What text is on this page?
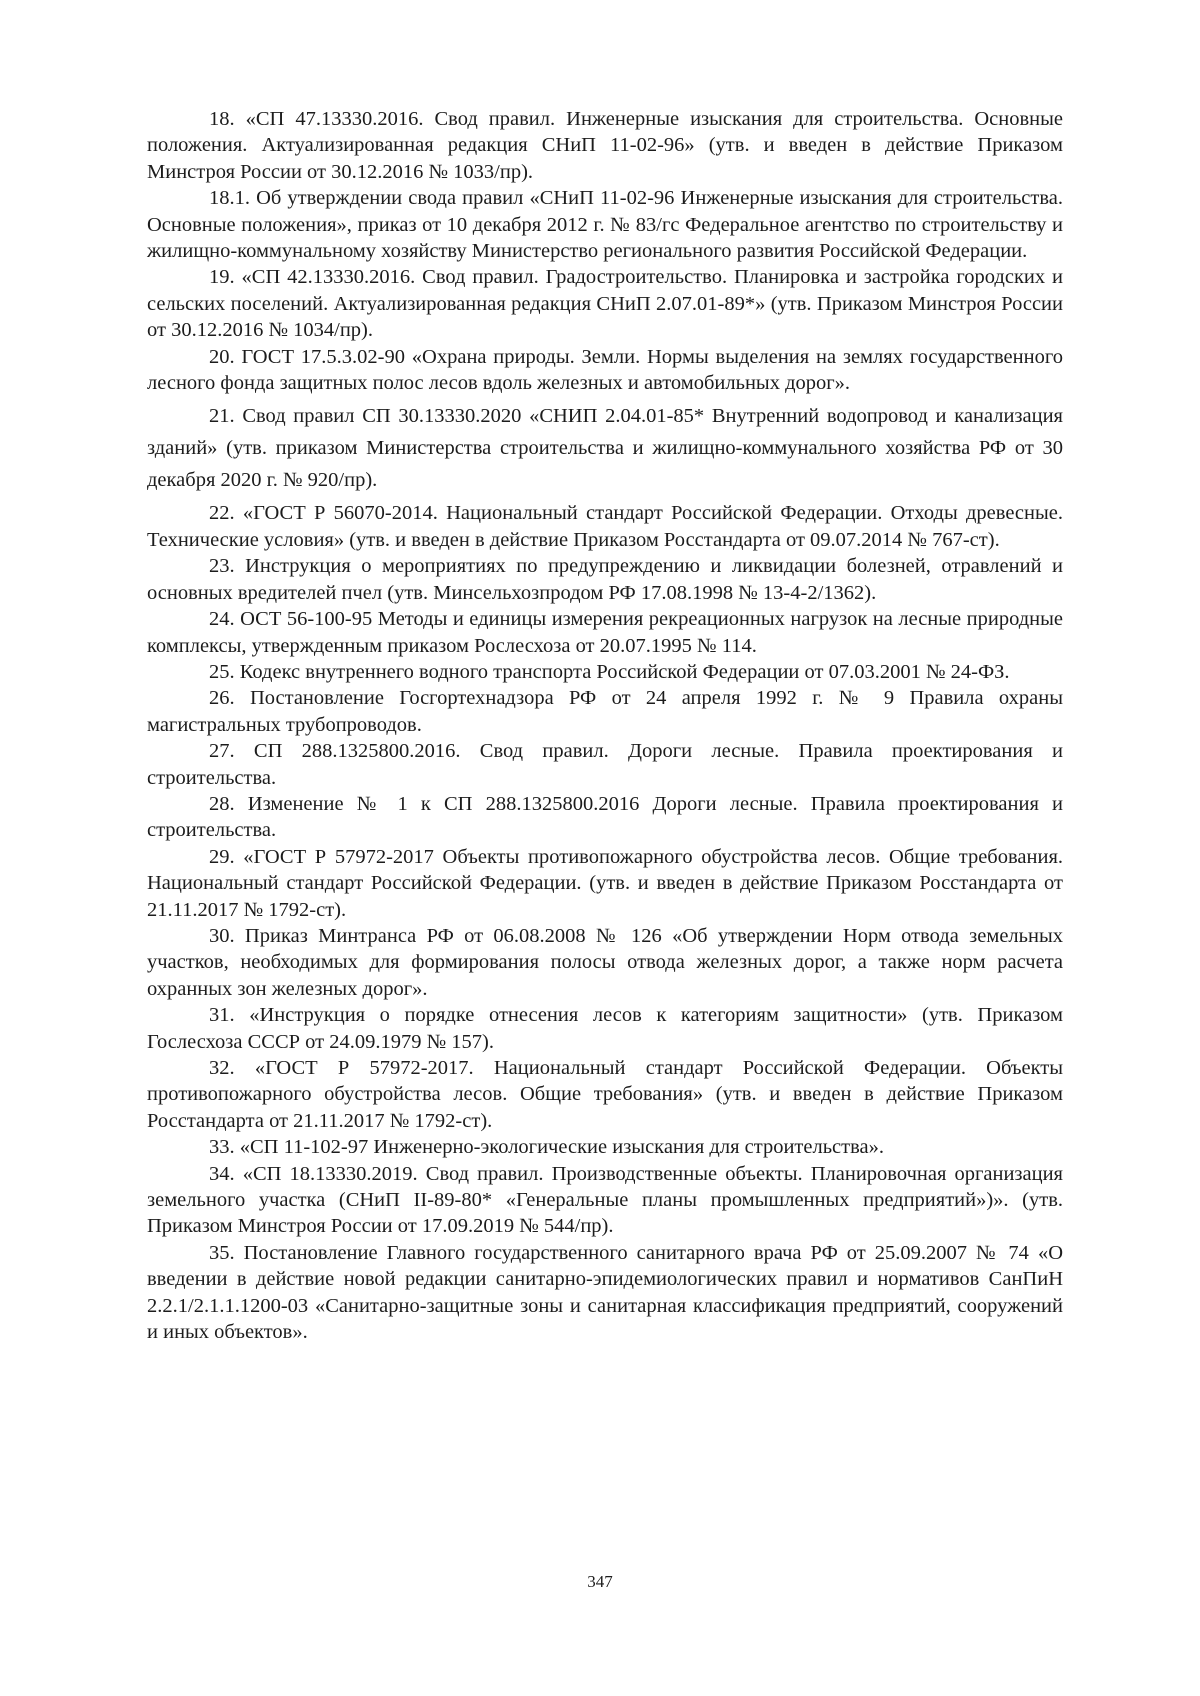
18. «СП 47.13330.2016. Свод правил. Инженерные изыскания для строительства. Основные положения. Актуализированная редакция СНиП 11-02-96» (утв. и введен в действие Приказом Минстроя России от 30.12.2016 № 1033/пр).

18.1. Об утверждении свода правил «СНиП 11-02-96 Инженерные изыскания для строительства. Основные положения», приказ от 10 декабря 2012 г. № 83/гс Федеральное агентство по строительству и жилищно-коммунальному хозяйству Министерство регионального развития Российской Федерации.

19. «СП 42.13330.2016. Свод правил. Градостроительство. Планировка и застройка городских и сельских поселений. Актуализированная редакция СНиП 2.07.01-89*» (утв. Приказом Минстроя России от 30.12.2016 № 1034/пр).

20. ГОСТ 17.5.3.02-90 «Охрана природы. Земли. Нормы выделения на землях государственного лесного фонда защитных полос лесов вдоль железных и автомобильных дорог».

21. Свод правил СП 30.13330.2020 «СНИП 2.04.01-85* Внутренний водопровод и канализация зданий» (утв. приказом Министерства строительства и жилищно-коммунального хозяйства РФ от 30 декабря 2020 г. № 920/пр).

22. «ГОСТ Р 56070-2014. Национальный стандарт Российской Федерации. Отходы древесные. Технические условия» (утв. и введен в действие Приказом Росстандарта от 09.07.2014 № 767-ст).

23. Инструкция о мероприятиях по предупреждению и ликвидации болезней, отравлений и основных вредителей пчел (утв. Минсельхозпродом РФ 17.08.1998 № 13-4-2/1362).

24. ОСТ 56-100-95 Методы и единицы измерения рекреационных нагрузок на лесные природные комплексы, утвержденным приказом Рослесхоза от 20.07.1995 № 114.

25. Кодекс внутреннего водного транспорта Российской Федерации от 07.03.2001 № 24-ФЗ.

26. Постановление Госгортехнадзора РФ от 24 апреля 1992 г. № 9 Правила охраны магистральных трубопроводов.

27. СП 288.1325800.2016. Свод правил. Дороги лесные. Правила проектирования и строительства.

28. Изменение № 1 к СП 288.1325800.2016 Дороги лесные. Правила проектирования и строительства.

29. «ГОСТ Р 57972-2017 Объекты противопожарного обустройства лесов. Общие требования. Национальный стандарт Российской Федерации. (утв. и введен в действие Приказом Росстандарта от 21.11.2017 № 1792-ст).

30. Приказ Минтранса РФ от 06.08.2008 № 126 «Об утверждении Норм отвода земельных участков, необходимых для формирования полосы отвода железных дорог, а также норм расчета охранных зон железных дорог».

31. «Инструкция о порядке отнесения лесов к категориям защитности» (утв. Приказом Гослесхоза СССР от 24.09.1979 № 157).

32. «ГОСТ Р 57972-2017. Национальный стандарт Российской Федерации. Объекты противопожарного обустройства лесов. Общие требования» (утв. и введен в действие Приказом Росстандарта от 21.11.2017 № 1792-ст).

33. «СП 11-102-97 Инженерно-экологические изыскания для строительства».

34. «СП 18.13330.2019. Свод правил. Производственные объекты. Планировочная организация земельного участка (СНиП II-89-80* «Генеральные планы промышленных предприятий»)». (утв. Приказом Минстроя России от 17.09.2019 № 544/пр).

35. Постановление Главного государственного санитарного врача РФ от 25.09.2007 № 74 «О введении в действие новой редакции санитарно-эпидемиологических правил и нормативов СанПиН 2.2.1/2.1.1.1200-03 «Санитарно-защитные зоны и санитарная классификация предприятий, сооружений и иных объектов».

347
